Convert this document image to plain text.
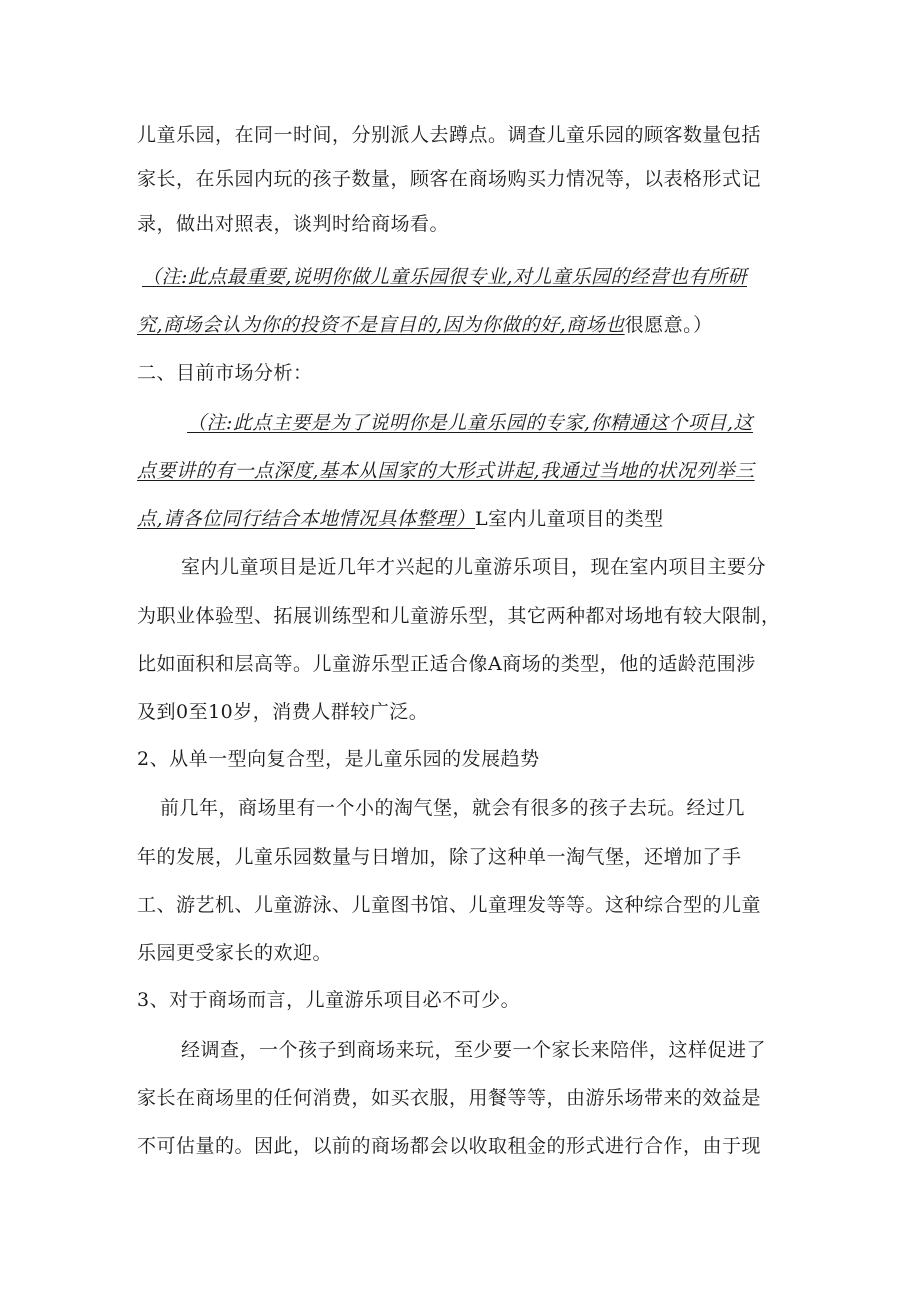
儿童乐园，在同一时间，分别派人去蹲点。调查儿童乐园的顾客数量包括
家长，在乐园内玩的孩子数量，顾客在商场购买力情况等，以表格形式记
录，做出对照表，谈判时给商场看。
（注:此点最重要,说明你做儿童乐园很专业,对儿童乐园的经营也有所研
究,商场会认为你的投资不是盲目的,因为你做的好,商场也很愿意。）
二、目前市场分析：
（注:此点主要是为了说明你是儿童乐园的专家,你精通这个项目,这
点要讲的有一点深度,基本从国家的大形式讲起,我通过当地的状况列举三
点,请各位同行结合本地情况具体整理）L室内儿童项目的类型
室内儿童项目是近几年才兴起的儿童游乐项目，现在室内项目主要分
为职业体验型、拓展训练型和儿童游乐型，其它两种都对场地有较大限制，
比如面积和层高等。儿童游乐型正适合像A商场的类型，他的适龄范围涉
及到0至10岁，消费人群较广泛。
2、从单一型向复合型，是儿童乐园的发展趋势
前几年，商场里有一个小的淘气堡，就会有很多的孩子去玩。经过几
年的发展，儿童乐园数量与日增加，除了这种单一淘气堡，还增加了手
工、游艺机、儿童游泳、儿童图书馆、儿童理发等等。这种综合型的儿童
乐园更受家长的欢迎。
3、对于商场而言，儿童游乐项目必不可少。
经调查，一个孩子到商场来玩，至少要一个家长来陪伴，这样促进了
家长在商场里的任何消费，如买衣服，用餐等等，由游乐场带来的效益是
不可估量的。因此，以前的商场都会以收取租金的形式进行合作，由于现
